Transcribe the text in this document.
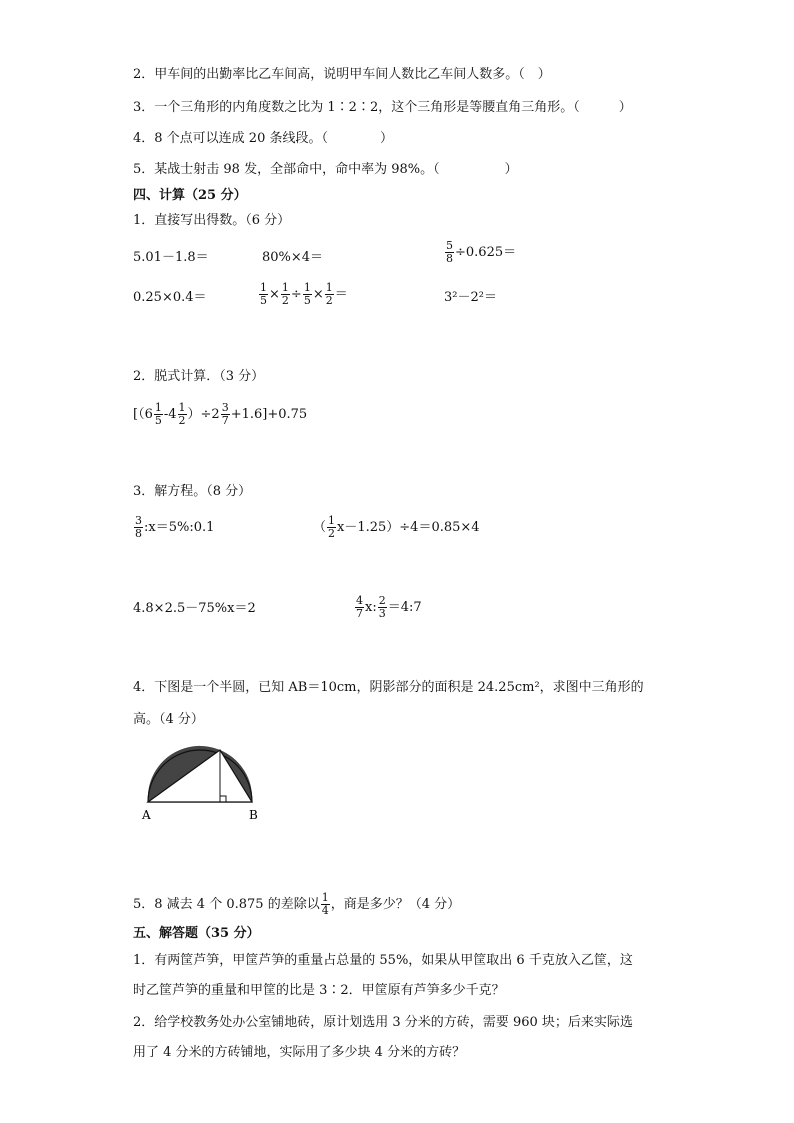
2．甲车间的出勤率比乙车间高，说明甲车间人数比乙车间人数多。（　）
3．一个三角形的内角度数之比为 1∶2∶2，这个三角形是等腰直角三角形。（　　　）
4．8 个点可以连成 20 条线段。（　　　　）
5．某战士射击 98 发，全部命中，命中率为 98%。（　　　　　）
四、计算（25 分）
1．直接写出得数。（6 分）
5.01－1.8＝	80%×4＝	$\frac{5}{8} \div 0.625=$
0.25×0.4＝	$\frac{1}{5} \times \frac{1}{2} \div \frac{1}{5} \times \frac{1}{2}$ ＝	3²－2²＝
2．脱式计算．（3 分）
$[(6 \frac{1}{5} -4 \frac{1}{2} )\div 2 \frac{3}{7} +1.6]+0.75$
3．解方程。（8 分）
$\frac{3}{8}$ :x＝5%:0.1	（ $\frac{1}{2} x-1.25)\div 4=0.85\times 4$
4.8×2.5－75%x＝2	$\frac{4}{7} x$: $\frac{2}{3}$ ＝4:7
4．下图是一个半圆，已知 AB＝10cm，阴影部分的面积是 24.25cm²，求图中三角形的
高。（4 分）
A	B
5．8 减去 4 个 0.875 的差除以 $\frac{1}{4}$ ，商是多少？（4 分）
五、解答题（35 分）
1．有两筐芦笋，甲筐芦笋的重量占总量的 55%，如果从甲筐取出 6 千克放入乙筐，这
时乙筐芦笋的重量和甲筐的比是 3∶2．甲筐原有芦笋多少千克？
2．给学校教务处办公室铺地砖，原计划选用 3 分米的方砖，需要 960 块；后来实际选
用了 4 分米的方砖铺地，实际用了多少块 4 分米的方砖？
